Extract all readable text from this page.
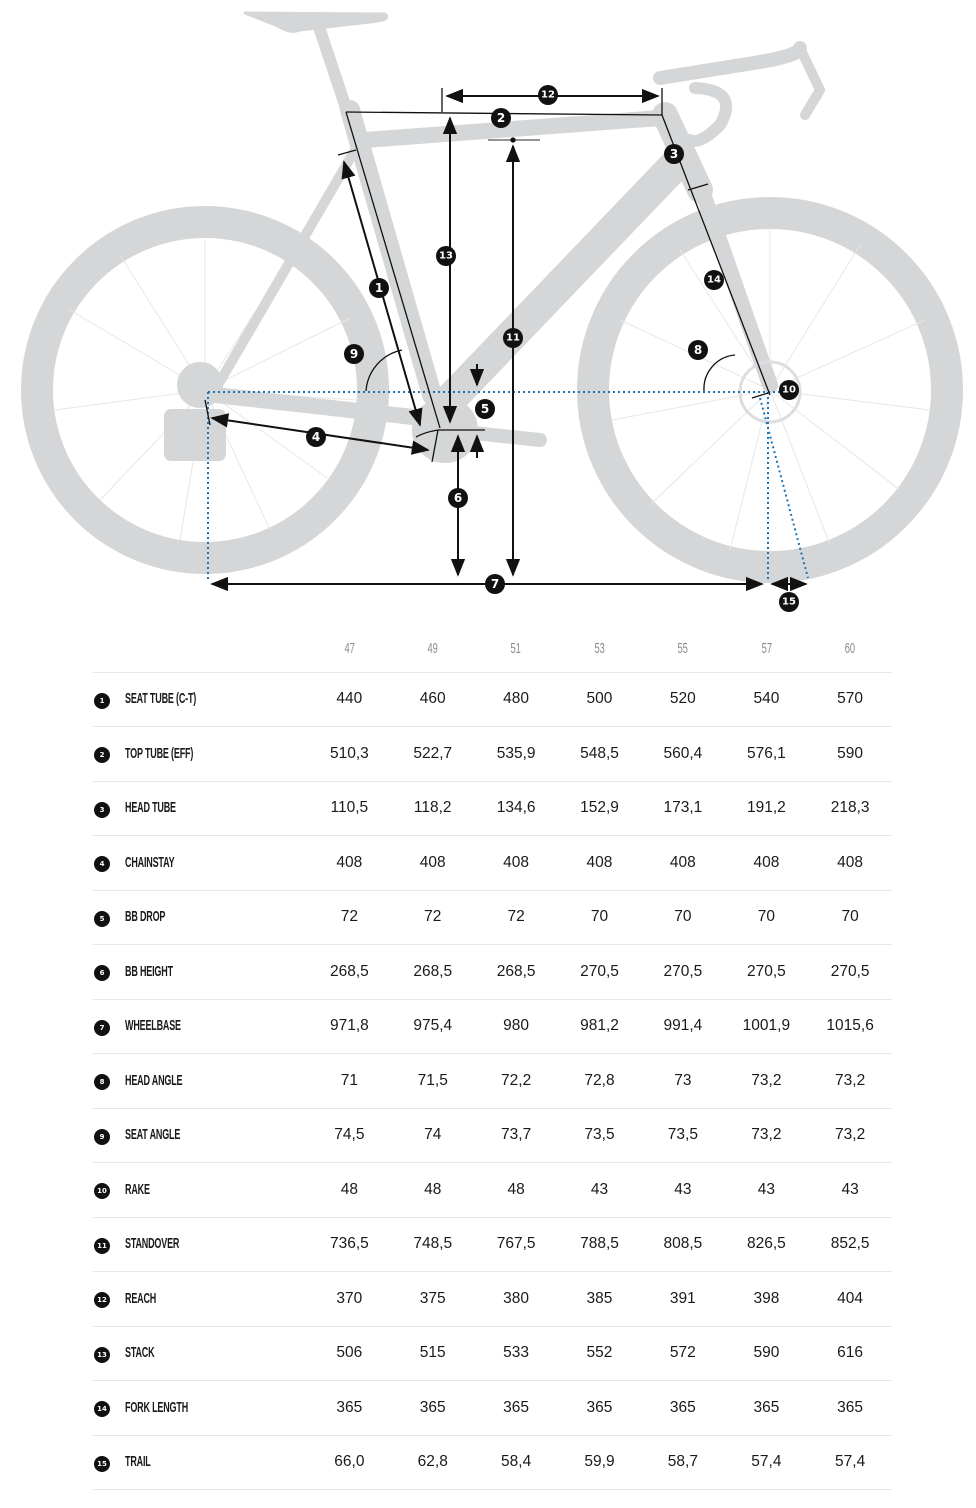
1
2
3
4
5
6
7
8
9
10
11
12
13
14
15
		47	49	51	53	55	57	60
1	SEAT TUBE (C-T)	440	460	480	500	520	540	570
2	TOP TUBE (EFF)	510,3	522,7	535,9	548,5	560,4	576,1	590
3	HEAD TUBE	110,5	118,2	134,6	152,9	173,1	191,2	218,3
4	CHAINSTAY	408	408	408	408	408	408	408
5	BB DROP	72	72	72	70	70	70	70
6	BB HEIGHT	268,5	268,5	268,5	270,5	270,5	270,5	270,5
7	WHEELBASE	971,8	975,4	980	981,2	991,4	1001,9	1015,6
8	HEAD ANGLE	71	71,5	72,2	72,8	73	73,2	73,2
9	SEAT ANGLE	74,5	74	73,7	73,5	73,5	73,2	73,2
10	RAKE	48	48	48	43	43	43	43
11	STANDOVER	736,5	748,5	767,5	788,5	808,5	826,5	852,5
12	REACH	370	375	380	385	391	398	404
13	STACK	506	515	533	552	572	590	616
14	FORK LENGTH	365	365	365	365	365	365	365
15	TRAIL	66,0	62,8	58,4	59,9	58,7	57,4	57,4
